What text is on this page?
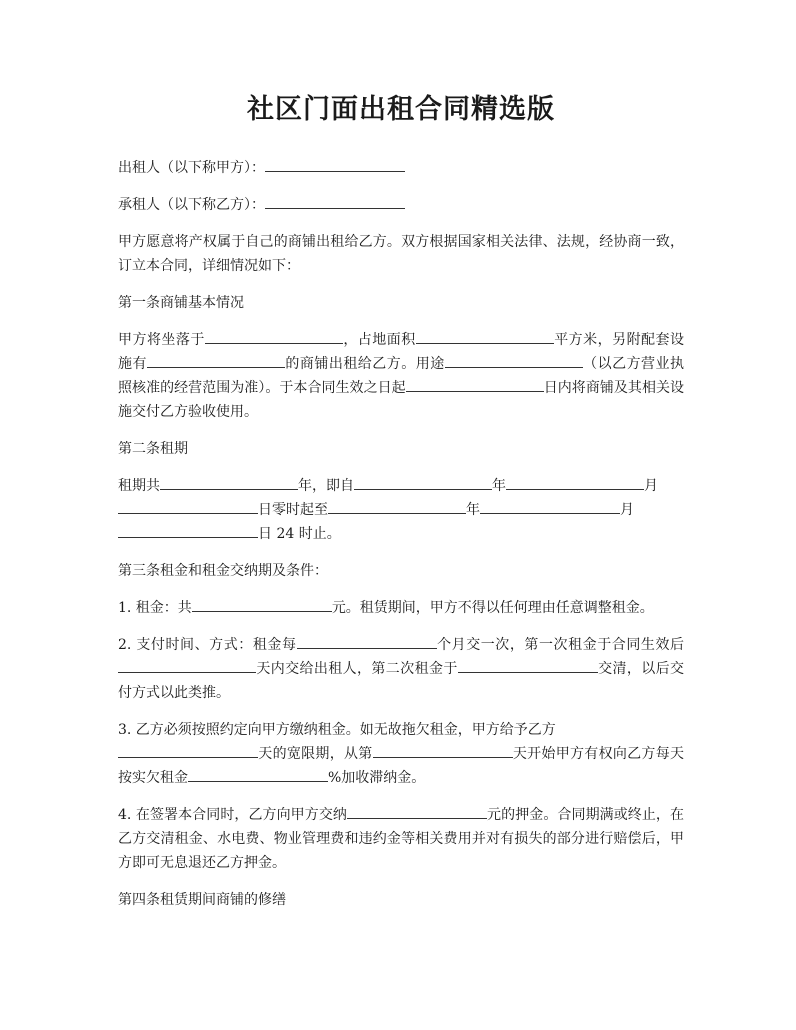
社区门面出租合同精选版

出租人（以下称甲方）：

承租人（以下称乙方）：

甲方愿意将产权属于自己的商铺出租给乙方。双方根据国家相关法律、法规，经协商一致，订立本合同，详细情况如下：

第一条商铺基本情况

甲方将坐落于	，占地面积	平方米，另附配套设施有	的商铺出租给乙方。用途	（以乙方营业执照核准的经营范围为准）。于本合同生效之日起	日内将商铺及其相关设施交付乙方验收使用。

第二条租期

租期共	年，即自	年	月
日零时起至	年	月
日 24 时止。

第三条租金和租金交纳期及条件：

1. 租金：共	元。租赁期间，甲方不得以任何理由任意调整租金。

2. 支付时间、方式：租金每	个月交一次，第一次租金于合同生效后天内交给出租人，第二次租金于	交清，以后交付方式以此类推。

3. 乙方必须按照约定向甲方缴纳租金。如无故拖欠租金，甲方给予乙方
天的宽限期，从第	天开始甲方有权向乙方每天按实欠租金	%加收滞纳金。

4. 在签署本合同时，乙方向甲方交纳	元的押金。合同期满或终止，在乙方交清租金、水电费、物业管理费和违约金等相关费用并对有损失的部分进行赔偿后，甲方即可无息退还乙方押金。

第四条租赁期间商铺的修缮
